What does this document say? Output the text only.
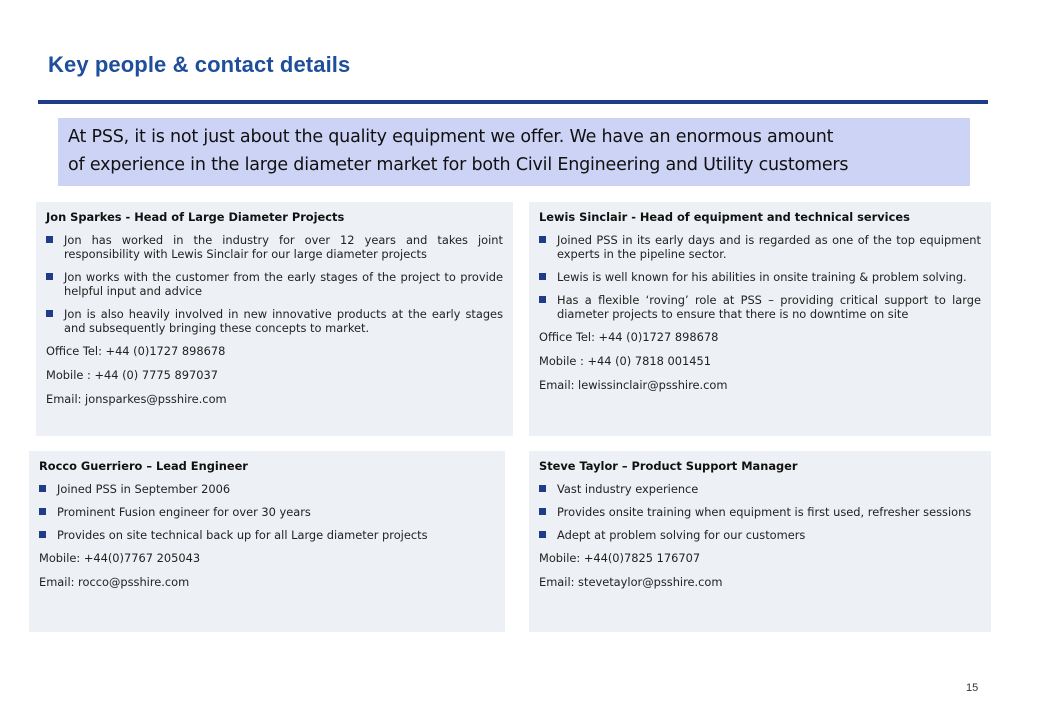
Key people & contact details

At PSS, it is not just about the quality equipment we offer. We have an enormous amount

of experience in the large diameter market for both Civil Engineering and Utility customers

Jon Sparkes - Head of Large Diameter Projects
Jon has worked in the industry for over 12 years and takes joint responsibility with Lewis Sinclair for our large diameter projects
Jon works with the customer from the early stages of the project to provide helpful input and advice
Jon is also heavily involved in new innovative products at the early stages and subsequently bringing these concepts to market.

Office Tel: +44 (0)1727 898678

Mobile : +44 (0) 7775 897037

Email: jonsparkes@psshire.com

Lewis Sinclair - Head of equipment and technical services
Joined PSS in its early days and is regarded as one of the top equipment experts in the pipeline sector.
Lewis is well known for his abilities in onsite training & problem solving.
Has a flexible ‘roving’ role at PSS – providing critical support to large diameter projects to ensure that there is no downtime on site

Office Tel: +44 (0)1727 898678

Mobile : +44 (0) 7818 001451

Email: lewissinclair@psshire.com

Rocco Guerriero – Lead Engineer
Joined PSS in September 2006
Prominent Fusion engineer for over 30 years
Provides on site technical back up for all Large diameter projects

Mobile: +44(0)7767 205043

Email: rocco@psshire.com

Steve Taylor – Product Support Manager
Vast industry experience
Provides onsite training when equipment is first used, refresher sessions
Adept at problem solving for our customers

Mobile: +44(0)7825 176707

Email: stevetaylor@psshire.com

15
